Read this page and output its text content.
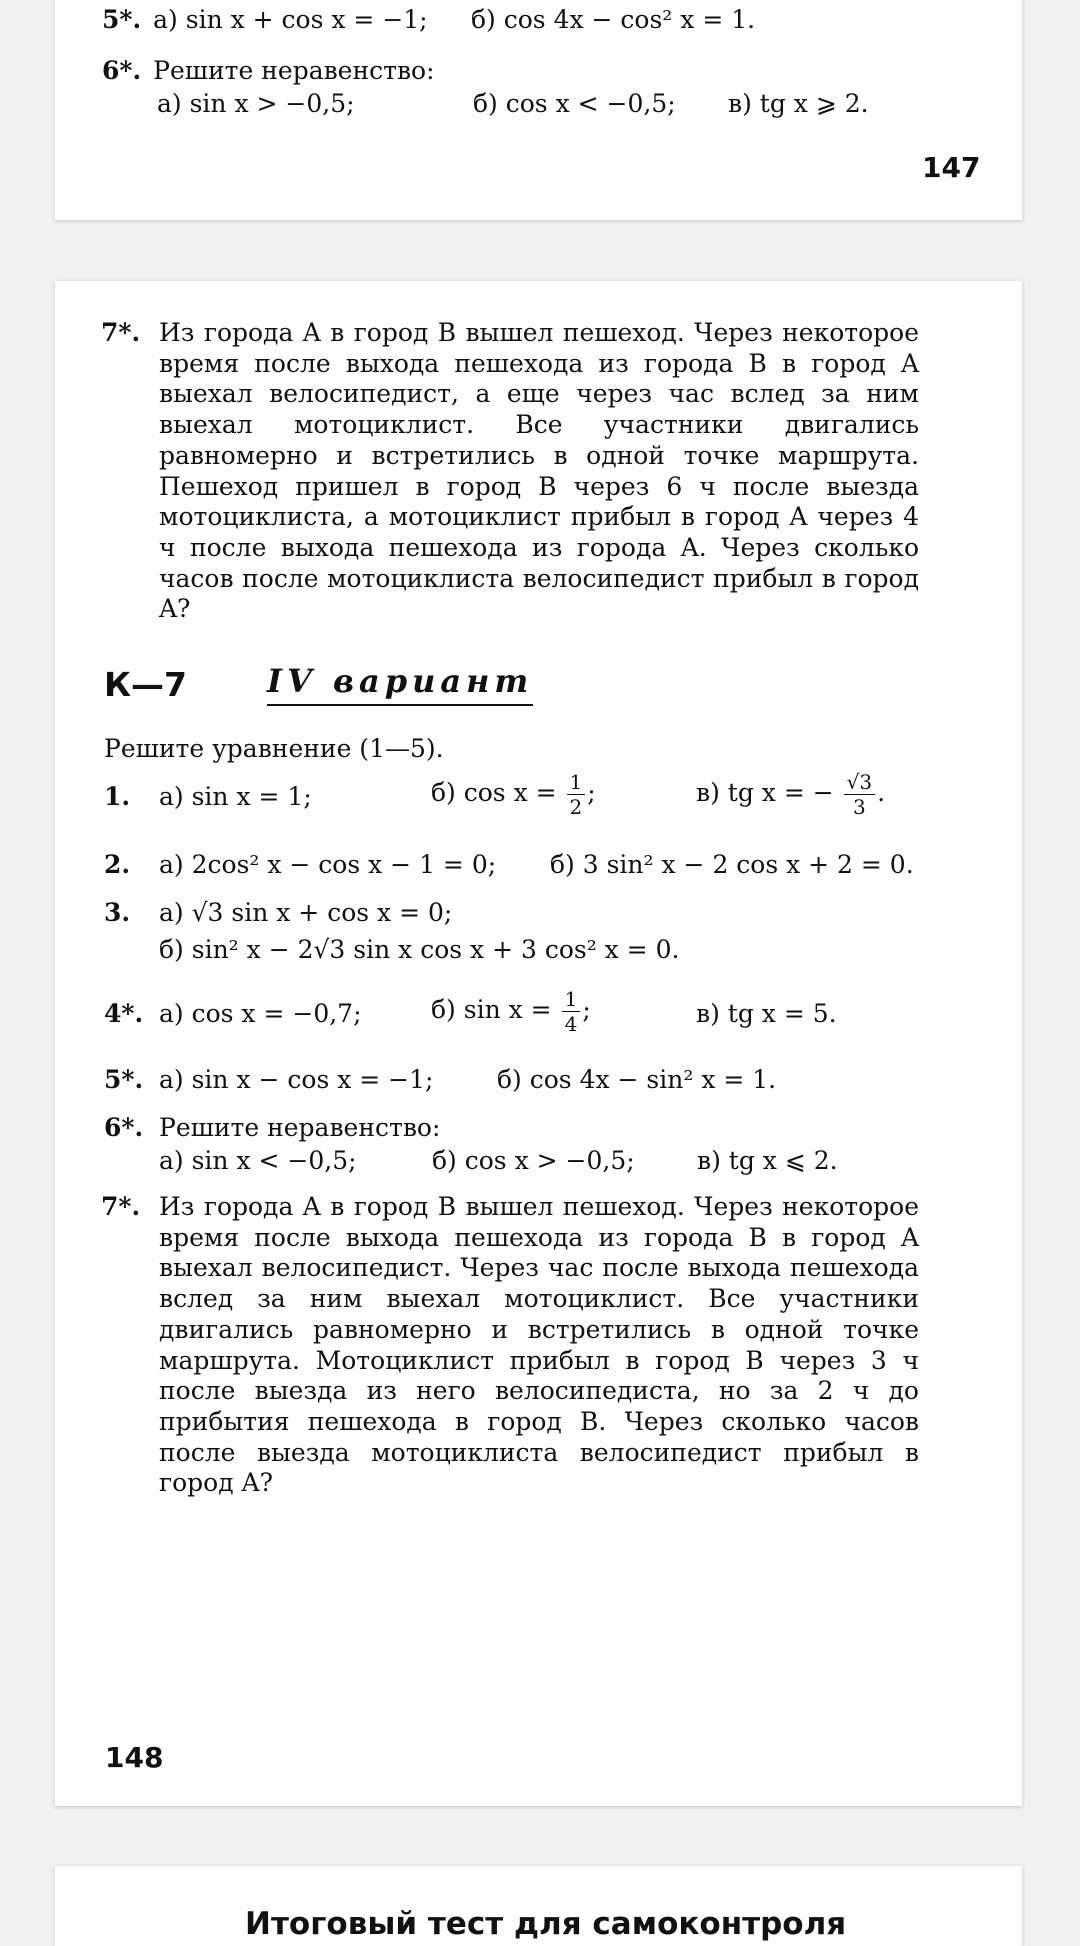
5*. а) sin x + cos x = −1; б) cos 4x − cos² x = 1.
6*. Решите неравенство:
а) sin x > −0,5;	б) cos x < −0,5; в) tg x ⩾ 2.
147
7*. Из города A в город B вышел пешеход. Через некоторое время после выхода пешехода из города B в город A выехал велосипедист, а еще через час вслед за ним выехал мотоциклист. Все участники двигались равномерно и встретились в одной точке маршрута. Пешеход пришел в город B через 6 ч после выезда мотоциклиста, а мотоциклист прибыл в город A через 4 ч после выхода пешехода из города A. Через сколько часов после мотоциклиста велосипедист прибыл в город A?
К—7	IV вариант
Решите уравнение (1—5).
1. а) sin x = 1;	б) $\cos x = \frac{1}{2}$ ;	в) tg x = − $\frac{√3}{3}$ .
2. а) 2cos² x − cos x − 1 = 0; б) 3 sin² x − 2 cos x + 2 = 0.
3. а) √3 sin x + cos x = 0;
б) sin² x − 2√3 sin x cos x + 3 cos² x = 0.
4*. а) cos x = −0,7;	б) $\sin x = \frac{1}{4}$ ;	в) tg x = 5.
5*. а) sin x − cos x = −1;	б) cos 4x − sin² x = 1.
6*. Решите неравенство:
а) sin x < −0,5;	б) cos x > −0,5; в) tg x ⩽ 2.
7*. Из города A в город B вышел пешеход. Через некоторое время после выхода пешехода из города B в город A выехал велосипедист. Через час после выхода пешехода вслед за ним выехал мотоциклист. Все участники двигались равномерно и встретились в одной точке маршрута. Мотоциклист прибыл в город B через 3 ч после выезда из него велосипедиста, но за 2 ч до прибытия пешехода в город B. Через сколько часов после выезда мотоциклиста велосипедист прибыл в город A?
148
Итоговый тест для самоконтроля
